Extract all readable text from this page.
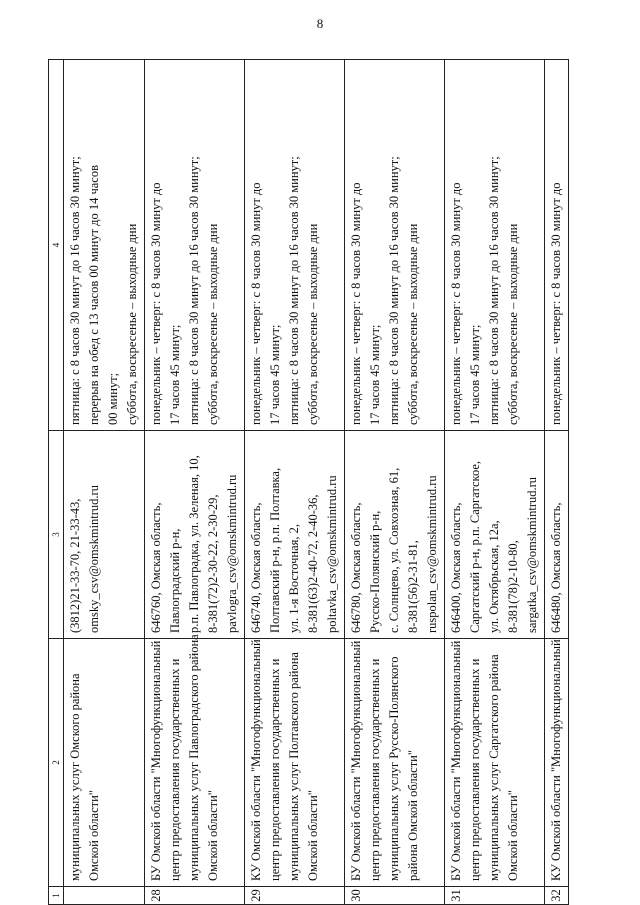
8
1	2	3	4

	муниципальных услуг Омского района Омской области"	(3812)21-33-70, 21-33-43, omsky_csv@omskmintrud.ru	пятница: с 8 часов 30 минут до 16 часов 30 минут; перерыв на обед с 13 часов 00 минут до 14 часов 00 минут; суббота, воскресенье – выходные дни

28	БУ Омской области "Многофункциональный центр предоставления государственных и муниципальных услуг Павлоградского района Омской области"	646760, Омская область, Павлоградский р-н, р.п. Павлоградка, ул. Зеленая, 10, 8-381(72)2-30-22, 2-30-29, pavlogra_csv@omskmintrud.ru	понедельник – четверг: с 8 часов 30 минут до 17 часов 45 минут; пятница: с 8 часов 30 минут до 16 часов 30 минут; суббота, воскресенье – выходные дни

29	КУ Омской области "Многофункциональный центр предоставления государственных и муниципальных услуг Полтавского района Омской области"	646740, Омская область, Полтавский р-н, р.п. Полтавка, ул. 1-я Восточная, 2, 8-381(63)2-40-72, 2-40-36, poltavka_csv@omskmintrud.ru	понедельник – четверг: с 8 часов 30 минут до 17 часов 45 минут; пятница: с 8 часов 30 минут до 16 часов 30 минут; суббота, воскресенье – выходные дни

30	БУ Омской области "Многофункциональный центр предоставления государственных и муниципальных услуг Русско-Полянского района Омской области"	646780, Омская область, Русско-Полянский р-н, с. Солнцево, ул. Совхозная, 61, 8-381(56)2-31-81, ruspolan_csv@omskmintrud.ru	понедельник – четверг: с 8 часов 30 минут до 17 часов 45 минут; пятница: с 8 часов 30 минут до 16 часов 30 минут; суббота, воскресенье – выходные дни

31	БУ Омской области "Многофункциональный центр предоставления государственных и муниципальных услуг Саргатского района Омской области"	646400, Омская область, Саргатский р-н, р.п. Саргатское, ул. Октябрьская, 12а, 8-381(78)2-10-80, sargatka_csv@omskmintrud.ru	понедельник – четверг: с 8 часов 30 минут до 17 часов 45 минут; пятница: с 8 часов 30 минут до 16 часов 30 минут; суббота, воскресенье – выходные дни

32	КУ Омской области "Многофункциональный	646480, Омская область,	понедельник – четверг: с 8 часов 30 минут до
